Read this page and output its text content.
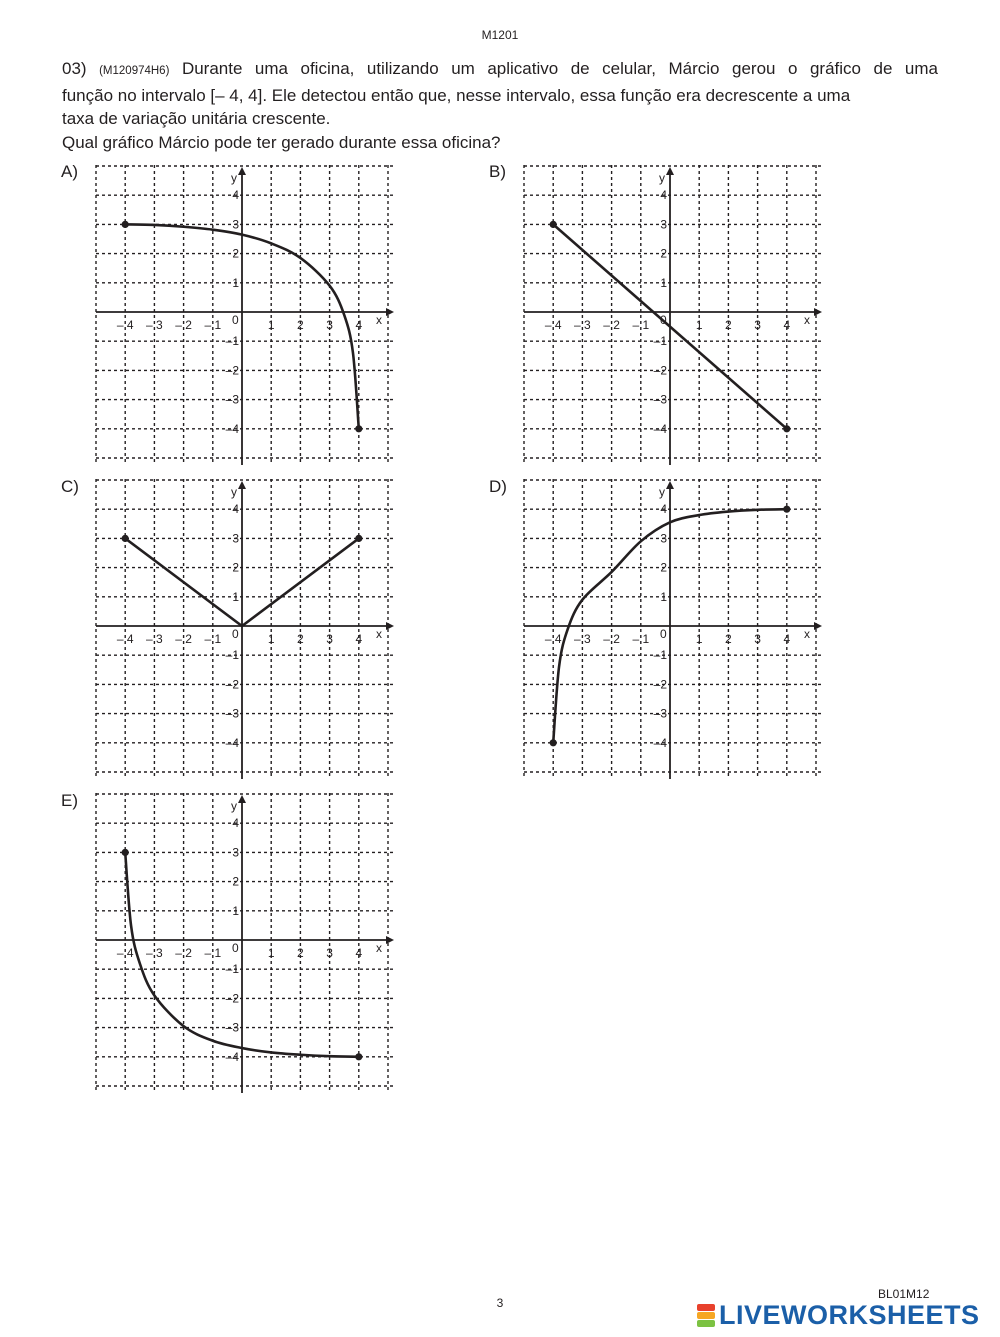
M1201
03) (M120974H6) Durante uma oficina, utilizando um aplicativo de celular, Márcio gerou o gráfico de uma
função no intervalo [– 4, 4]. Ele detectou então que, nesse intervalo, essa função era decrescente a uma
taxa de variação unitária crescente.
Qual gráfico Márcio pode ter gerado durante essa oficina?
A)	B)
C)	D)
E)
– 4 – 3 – 2 – 1	1 2 3 4
4
3
2
1
–1
–2
–3
–4
0	x
y
– 4 – 3 – 2 – 1	1 2 3 4
4
3
2
1
–1
–2
–3
–4
0	x
y
– 4 – 3 – 2 – 1	1 2 3 4
4
3
2
1
–1
–2
–3
–4
0	x
y
– 4 – 3 – 2 – 1	1 2 3 4
4
3
2
1
–1
–2
–3
–4
0	x
y
– 4 – 3 – 2 – 1	1 2 3 4
4
3
2
1
–1
–2
–3
–4
0	x
y
3
BL01M12
LIVEWORKSHEETS
